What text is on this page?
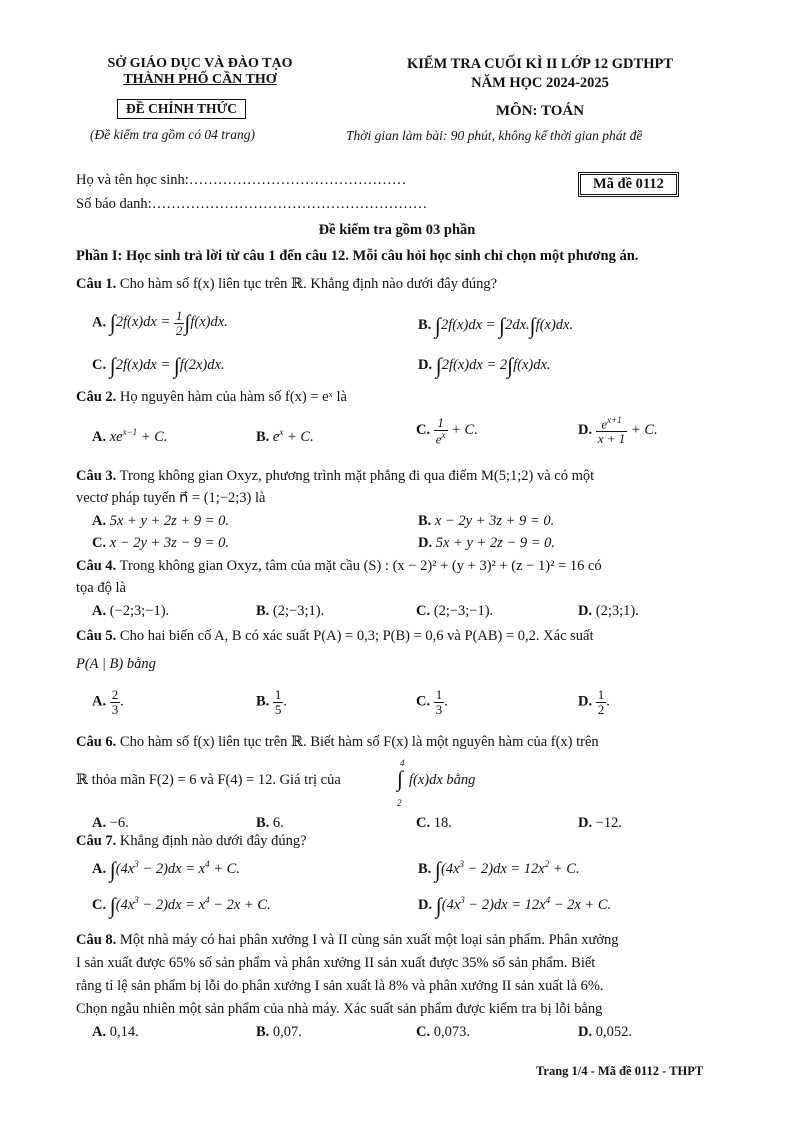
SỞ GIÁO DỤC VÀ ĐÀO TẠO
THÀNH PHỐ CẦN THƠ
ĐỀ CHÍNH THỨC
(Đề kiểm tra gồm có 04 trang)
KIỂM TRA CUỐI KÌ II LỚP 12 GDTHPT
NĂM HỌC 2024-2025
MÔN: TOÁN
Thời gian làm bài: 90 phút, không kể thời gian phát đề
Họ và tên học sinh:………………………………………
Số báo danh:…………………………………………………
Mã đề 0112
Đề kiểm tra gồm 03 phần
Phần I: Học sinh trả lời từ câu 1 đến câu 12. Mỗi câu hỏi học sinh chỉ chọn một phương án.
Câu 1. Cho hàm số f(x) liên tục trên ℝ. Khẳng định nào dưới đây đúng?
A. $\int 2f(x)dx = \frac{1}{2} \int f(x)dx$.	B. ∫2f(x)dx = ∫2dx.∫f(x)dx.
C. ∫2f(x)dx = ∫f(2x)dx.	D. ∫2f(x)dx = 2∫f(x)dx.
Câu 2. Họ nguyên hàm của hàm số f(x) = eˣ là
A. $xe^{x-1} + C$.	B. $e^x + C$.	C. $\frac{1}{e^x} + C$.	D. $\frac{e^{x+1}}{x + 1} + C$.
Câu 3. Trong không gian Oxyz, phương trình mặt phẳng đi qua điểm M(5;1;2) và có một
vectơ pháp tuyến n⃗ = (1;−2;3) là
A. 5x + y + 2z + 9 = 0.	B. x − 2y + 3z + 9 = 0.
C. x − 2y + 3z − 9 = 0.	D. 5x + y + 2z − 9 = 0.
Câu 4. Trong không gian Oxyz, tâm của mặt cầu (S) : (x − 2)² + (y + 3)² + (z − 1)² = 16 có
tọa độ là
A. (−2;3;−1).	B. (2;−3;1).	C. (2;−3;−1).	D. (2;3;1).
Câu 5. Cho hai biến cố A, B có xác suất P(A) = 0,3; P(B) = 0,6 và P(AB) = 0,2. Xác suất
P(A | B) bằng
A. $\frac{2}{3}$ .	B. $\frac{1}{5}$ .	C. $\frac{1}{3}$ .	D. $\frac{1}{2}$ .
Câu 6. Cho hàm số f(x) liên tục trên ℝ. Biết hàm số F(x) là một nguyên hàm của f(x) trên
ℝ thỏa mãn F(2) = 6 và F(4) = 12. Giá trị của
4
∫
2
f(x)dx bằng
A. −6.	B. 6.	C. 18.	D. −12.
Câu 7. Khẳng định nào dưới đây đúng?
A. $\int(4x^3 - 2)dx = x^4 + C$.	B. $\int(4x^3 - 2)dx = 12x^2 + C$.
C. $\int(4x^3 - 2)dx = x^4 - 2x + C$.	D. $\int(4x^3 - 2)dx = 12x^4 - 2x + C$.
Câu 8. Một nhà máy có hai phân xưởng I và II cùng sản xuất một loại sản phẩm. Phân xưởng
I sản xuất được 65% số sản phẩm và phân xưởng II sản xuất được 35% số sản phẩm. Biết
rằng tỉ lệ sản phẩm bị lỗi do phân xưởng I sản xuất là 8% và phân xưởng II sản xuất là 6%.
Chọn ngẫu nhiên một sản phẩm của nhà máy. Xác suất sản phẩm được kiểm tra bị lỗi bằng
A. 0,14.	B. 0,07.	C. 0,073.	D. 0,052.
Trang 1/4 - Mã đề 0112 - THPT
